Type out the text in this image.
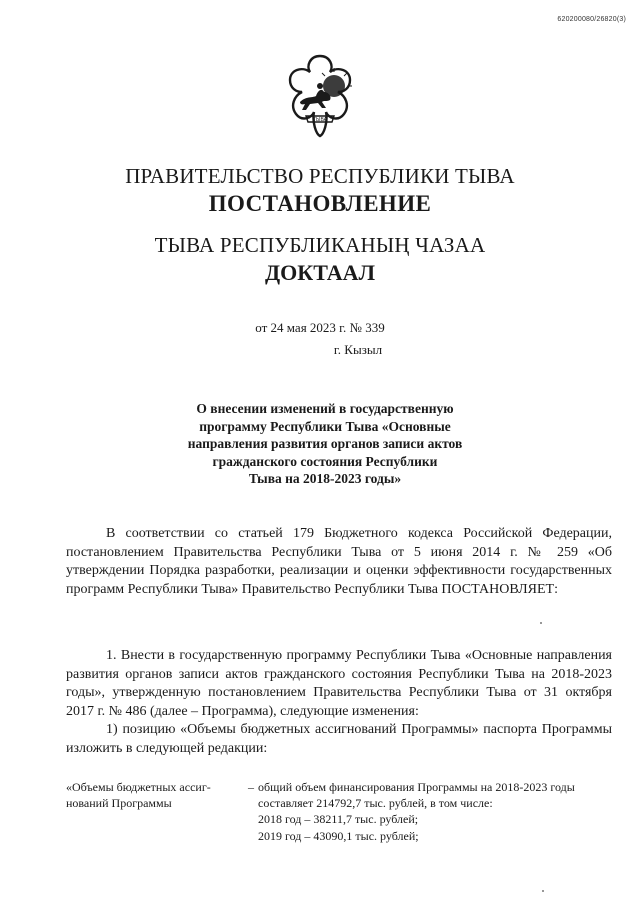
620200080/26820(3)
ТЫВА
ПРАВИТЕЛЬСТВО РЕСПУБЛИКИ ТЫВА
ПОСТАНОВЛЕНИЕ
ТЫВА РЕСПУБЛИКАНЫҢ ЧАЗАА
ДОКТААЛ
от 24 мая 2023 г. № 339
г. Кызыл
О внесении изменений в государственную
программу Республики Тыва «Основные
направления развития органов записи актов
гражданского состояния Республики
Тыва на 2018-2023 годы»

В соответствии со статьей 179 Бюджетного кодекса Российской Федерации, постановлением Правительства Республики Тыва от 5 июня 2014 г. № 259 «Об утверждении Порядка разработки, реализации и оценки эффективности государственных программ Республики Тыва» Правительство Республики Тыва ПОСТАНОВЛЯЕТ:

1. Внести в государственную программу Республики Тыва «Основные направления развития органов записи актов гражданского состояния Республики Тыва на 2018-2023 годы», утвержденную постановлением Правительства Республики Тыва от 31 октября 2017 г. № 486 (далее – Программа), следующие изменения:

1) позицию «Объемы бюджетных ассигнований Программы» паспорта Программы изложить в следующей редакции:

«Объемы бюджетных ассиг-
нований Программы
– общий объем финансирования Программы на 2018-2023 годы
составляет 214792,7 тыс. рублей, в том числе:
2018 год – 38211,7 тыс. рублей;
2019 год – 43090,1 тыс. рублей;
